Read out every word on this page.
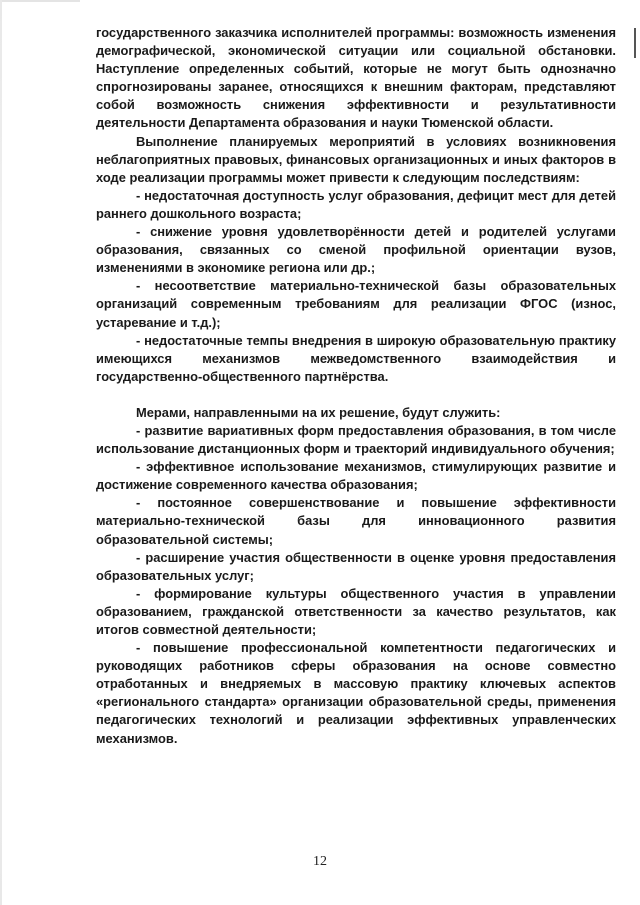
государственного заказчика исполнителей программы: возможность изменения демографической, экономической ситуации или социальной обстановки. Наступление определенных событий, которые не могут быть однозначно спрогнозированы заранее, относящихся к внешним факторам, представляют собой возможность снижения эффективности и результативности деятельности Департамента образования и науки Тюменской области.

Выполнение планируемых мероприятий в условиях возникновения неблагоприятных правовых, финансовых организационных и иных факторов в ходе реализации программы может привести к следующим последствиям:

- недостаточная доступность услуг образования, дефицит мест для детей раннего дошкольного возраста;

- снижение уровня удовлетворённости детей и родителей услугами образования, связанных со сменой профильной ориентации вузов, изменениями в экономике региона или др.;

- несоответствие материально-технической базы образовательных организаций современным требованиям для реализации ФГОС (износ, устаревание и т.д.);

- недостаточные темпы внедрения в широкую образовательную практику имеющихся механизмов межведомственного взаимодействия и государственно-общественного партнёрства.

Мерами, направленными на их решение, будут служить:

- развитие вариативных форм предоставления образования, в том числе использование дистанционных форм и траекторий индивидуального обучения;

- эффективное использование механизмов, стимулирующих развитие и достижение современного качества образования;

- постоянное совершенствование и повышение эффективности материально-технической базы для инновационного развития образовательной системы;

- расширение участия общественности в оценке уровня предоставления образовательных услуг;

- формирование культуры общественного участия в управлении образованием, гражданской ответственности за качество результатов, как итогов совместной деятельности;

- повышение профессиональной компетентности педагогических и руководящих работников сферы образования на основе совместно отработанных и внедряемых в массовую практику ключевых аспектов «регионального стандарта» организации образовательной среды, применения педагогических технологий и реализации эффективных управленческих механизмов.

12
